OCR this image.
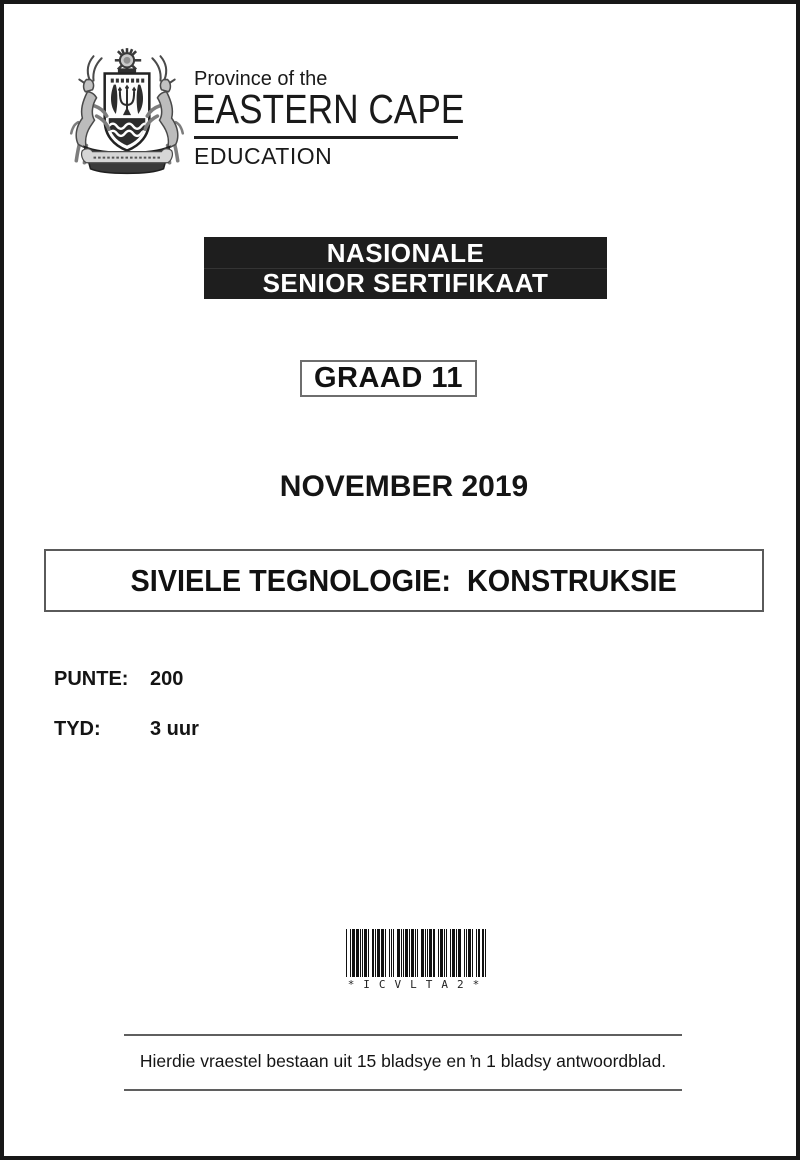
Province of the
EASTERN CAPE
EDUCATION
NASIONALE
SENIOR SERTIFIKAAT
GRAAD 11
NOVEMBER 2019
SIVIELE TEGNOLOGIE:  KONSTRUKSIE
PUNTE: 200
TYD: 3 uur
*ICVLTA2*
Hierdie vraestel bestaan uit 15 bladsye en ŉ 1 bladsy antwoordblad.
